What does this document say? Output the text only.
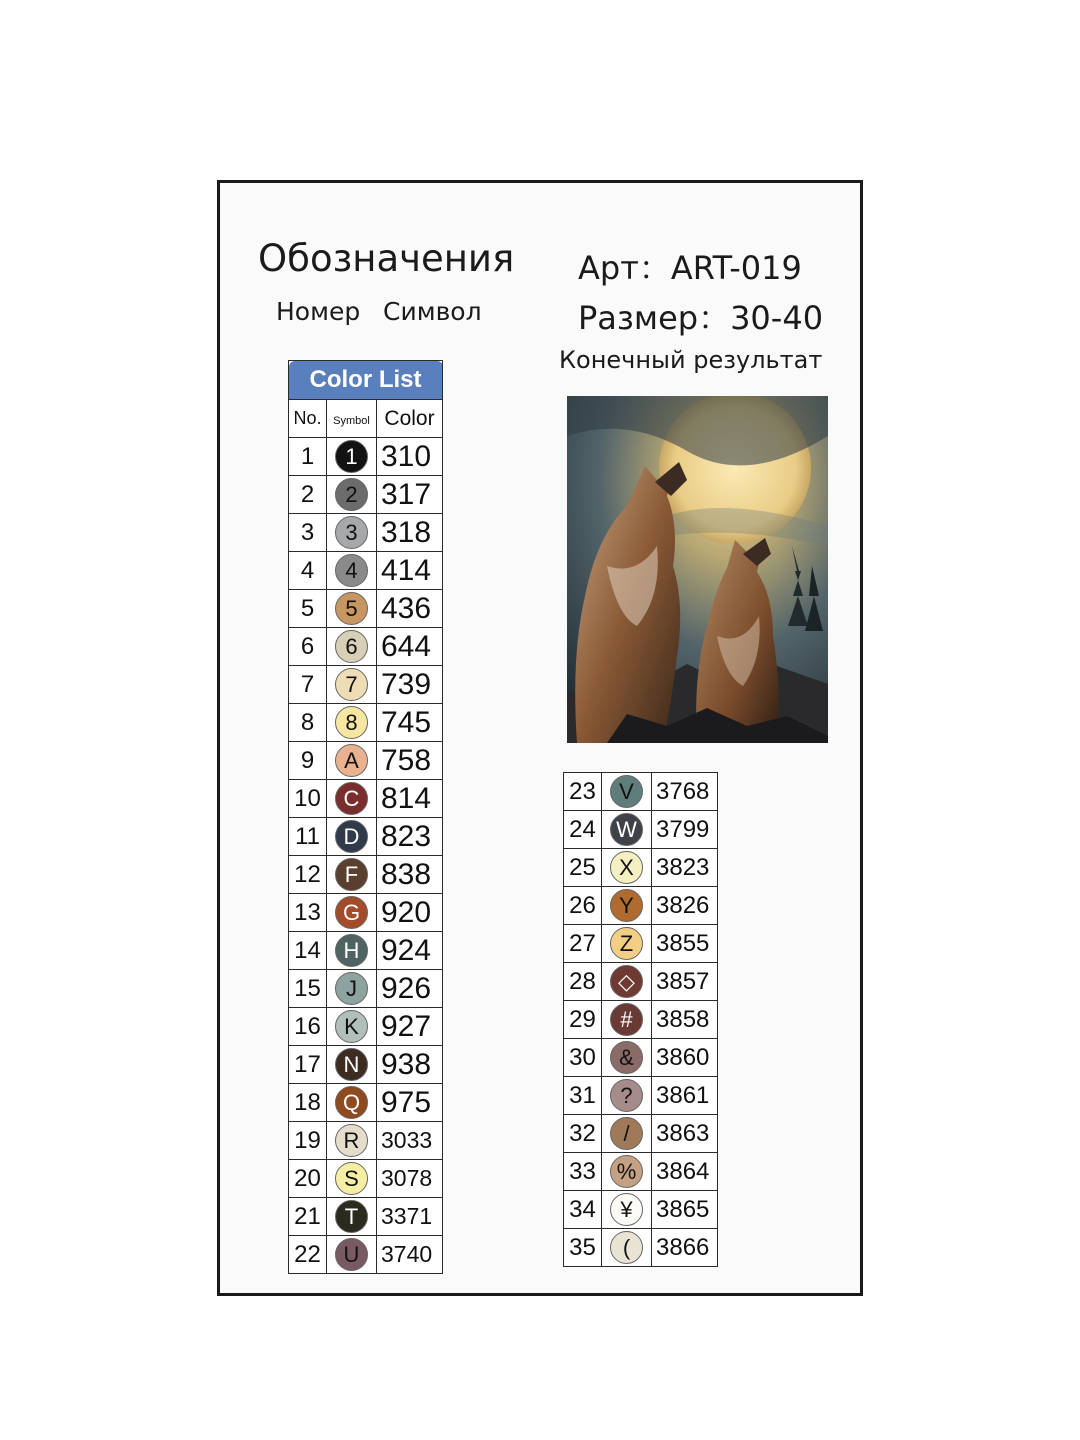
Обозначения
Номер Символ
Арт：ART-019
Размер：30-40
Конечный результат
Color List		
No.	Symbol	Color
1	1	310
2	2	317
3	3	318
4	4	414
5	5	436
6	6	644
7	7	739
8	8	745
9	A	758
10	C	814
11	D	823
12	F	838
13	G	920
14	H	924
15	J	926
16	K	927
17	N	938
18	Q	975
19	R	3033
20	S	3078
21	T	3371
22	U	3740
23	V	3768
24	W	3799
25	X	3823
26	Y	3826
27	Z	3855
28	◇	3857
29	#	3858
30	&	3860
31	?	3861
32	/	3863
33	%	3864
34	¥	3865
35	(	3866
